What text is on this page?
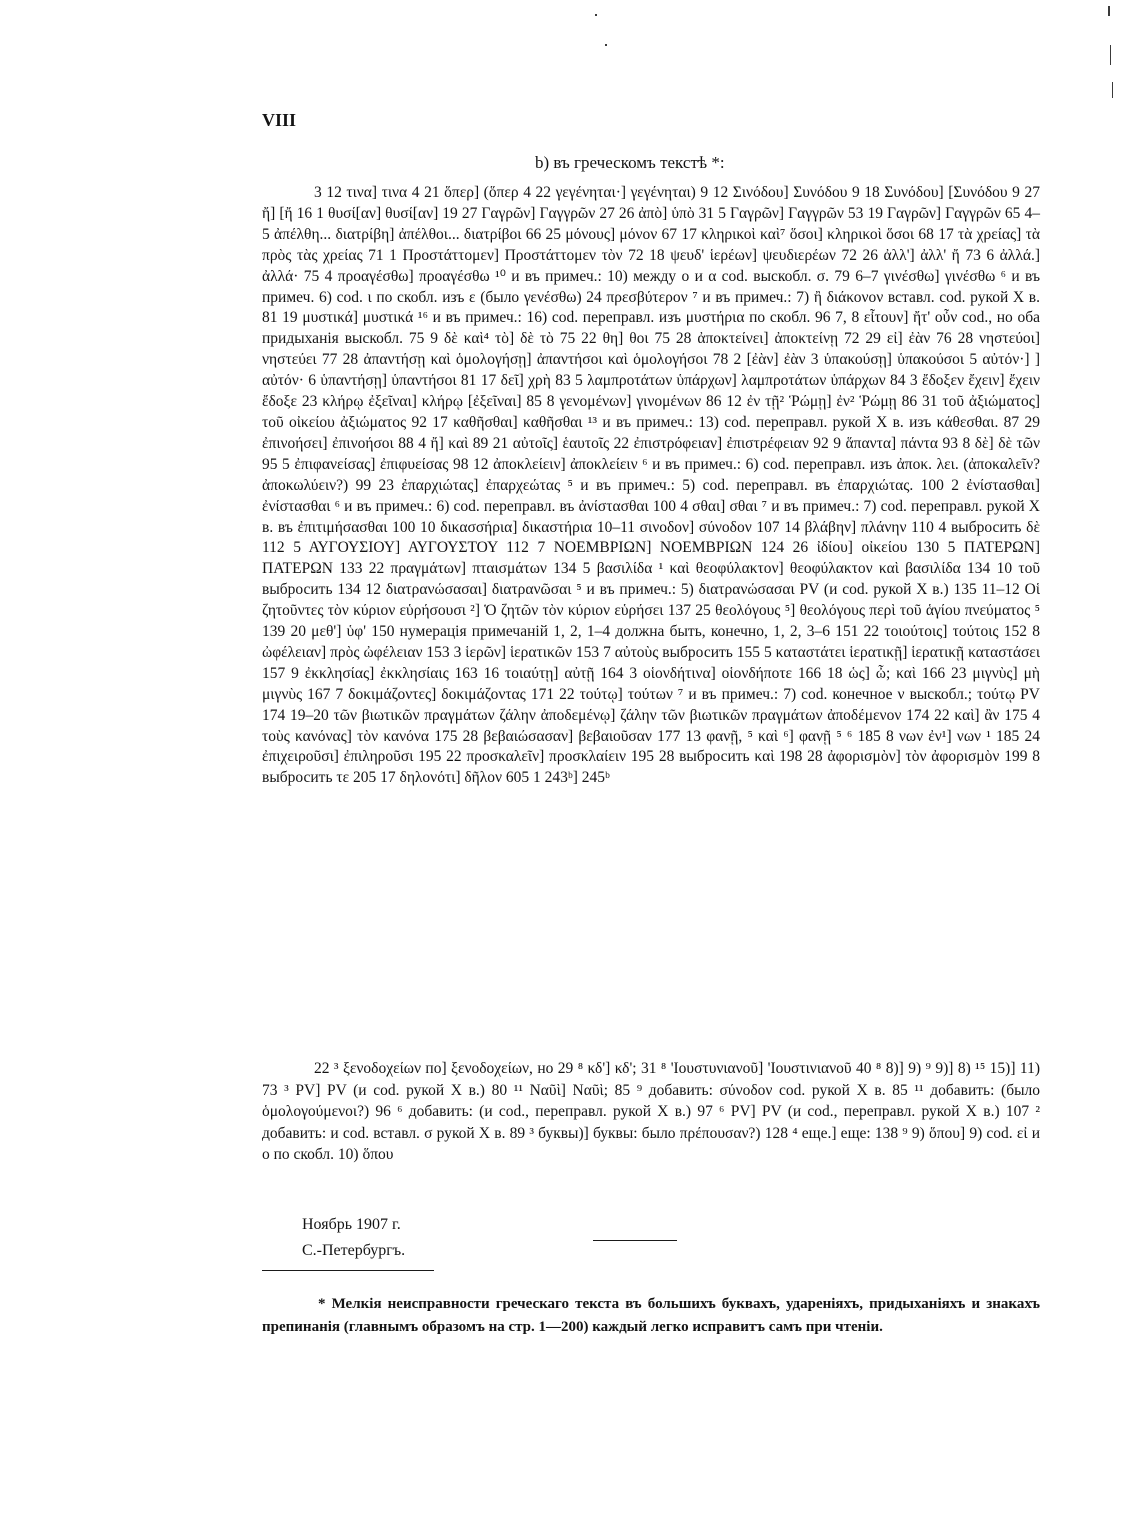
VIII
b) въ греческомъ текстѣ *:

3 12 τινα] τινα 4 21 ὅπερ] (ὅπερ 4 22 γεγένηται·] γεγένηται) 9 12 Σινόδου] Συνόδου 9 18 Συνόδου] [Συνόδου 9 27 ἤ] [ἤ 16 1 θυσί[αν] θυσί[αν] 19 27 Γαγρῶν] Γαγγρῶν 27 26 ἀπὸ] ὑπὸ 31 5 Γαγρῶν] Γαγγρῶν 53 19 Γαγρῶν] Γαγγρῶν 65 4–5 ἀπέλθη... διατρίβη] ἀπέλθοι... διατρίβοι 66 25 μόνους] μόνον 67 17 κληρικοὶ καὶ⁷ ὅσοι] κληρικοὶ ὅσοι 68 17 τὰ χρείας] τὰ πρὸς τὰς χρείας 71 1 Προστάττομεν] Προστάττομεν τὸν 72 18 ψευδ' ἱερέων] ψευδιερέων 72 26 ἀλλ'] ἀλλ' ἤ 73 6 ἀλλά.] ἀλλά· 75 4 προαγέσθω] προαγέσθω ¹⁰ и въ примеч.: 10) между ο и α cod. выскобл. σ. 79 6–7 γινέσθω] γινέσθω ⁶ и въ примеч. 6) cod. ι по скобл. изъ ε (было γενέσθω) 24 πρεσβύτερον ⁷ и въ примеч.: 7) ἢ διάκονον вставл. cod. рукой X в. 81 19 μυστικά] μυστικά ¹⁶ и въ примеч.: 16) cod. переправл. изъ μυστήρια по скобл. 96 7, 8 εἶτουν] ἤτ' οὖν cod., но оба придыханія выскобл. 75 9 δὲ καὶ⁴ τὸ] δὲ τὸ 75 22 θη] θοι 75 28 ἀποκτείνει] ἀποκτείνῃ 72 29 εἰ] ἐὰν 76 28 νηστεύοι] νηστεύει 77 28 ἀπαντήσῃ καὶ ὁμολογήσῃ] ἀπαντήσοι καὶ ὁμολογήσοι 78 2 [ἐὰν] ἐὰν 3 ὑπακούσῃ] ὑπακούσοι 5 αὐτόν·] ] αὐτόν· 6 ὑπαντήσῃ] ὑπαντήσοι 81 17 δεῖ] χρὴ 83 5 λαμπροτάτων ὑπάρχων] λαμπροτάτων ὑπάρχων 84 3 ἔδοξεν ἔχειν] ἔχειν ἔδοξε 23 κλήρῳ ἐξεῖναι] κλήρῳ [ἐξεῖναι] 85 8 γενομένων] γινομένων 86 12 ἐν τῇ² Ῥώμῃ] ἐν² Ῥώμῃ 86 31 τοῦ ἀξιώματος] τοῦ οἰκείου ἀξιώματος 92 17 καθῆσθαι] καθῆσθαι ¹³ и въ примеч.: 13) cod. переправл. рукой X в. изъ κάθεσθαι. 87 29 ἐπινοήσει] ἐπινοήσοι 88 4 ἤ] καὶ 89 21 αὐτοῖς] ἑαυτοῖς 22 ἐπιστρόφειαν] ἐπιστρέφειαν 92 9 ἅπαντα] πάντα 93 8 δὲ] δὲ τῶν 95 5 ἐπιφανείσας] ἐπιφυείσας 98 12 ἀποκλείειν] ἀποκλείειν ⁶ и въ примеч.: 6) cod. переправл. изъ ἀποκ. λει. (ἀποκαλεῖν? ἀποκωλύειν?) 99 23 ἐπαρχιώτας] ἐπαρχεώτας ⁵ и въ примеч.: 5) cod. переправл. въ ἐπαρχιώτας. 100 2 ἐνίστασθαι] ἐνίστασθαι ⁶ и въ примеч.: 6) cod. переправл. въ ἀνίστασθαι 100 4 σθαι] σθαι ⁷ и въ примеч.: 7) cod. переправл. рукой X в. въ ἐπιτιμήσασθαι 100 10 δικασσήρια] δικαστήρια 10–11 σινοδον] σύνοδον 107 14 βλάβην] πλάνην 110 4 выбросить δὲ 112 5 ΑΥΓΟΥΣΙΟΥ] ΑΥΓΟΥΣΤΟΥ 112 7 ΝΟΕΜΒΡΙΩΝ] ΝΟΕΜΒΡΙΩΝ 124 26 ἰδίου] οἰκείου 130 5 ΠΑΤΕΡΩΝ] ΠΑΤΕΡΩΝ 133 22 πραγμάτων] πταισμάτων 134 5 βασιλίδα ¹ καὶ θεοφύλακτον] θεοφύλακτον καὶ βασιλίδα 134 10 τοῦ выбросить 134 12 διατρανώσασαι] διατρανῶσαι ⁵ и въ примеч.: 5) διατρανώσασαι PV (и cod. рукой X в.) 135 11–12 Οἱ ζητοῦντες τὸν κύριον εὑρήσουσι ²] Ὁ ζητῶν τὸν κύριον εὑρήσει 137 25 θεολόγους ⁵] θεολόγους περὶ τοῦ ἁγίου πνεύματος ⁵ 139 20 μεθ'] ὑφ' 150 нумерація примечаній 1, 2, 1–4 должна быть, конечно, 1, 2, 3–6 151 22 τοιούτοις] τούτοις 152 8 ὠφέλειαν] πρὸς ὠφέλειαν 153 3 ἱερῶν] ἱερατικῶν 153 7 αὐτοὺς выбросить 155 5 καταστάτει ἱερατικῇ] ἱερατικῇ καταστάσει 157 9 ἐκκλησίας] ἐκκλησίαις 163 16 τοιαύτῃ] αὐτῇ 164 3 οἱονδήτινα] οἱονδήποτε 166 18 ὡς] ὦ; καὶ 166 23 μιγνὺς] μὴ μιγνὺς 167 7 δοκιμάζοντες] δοκιμάζοντας 171 22 τούτῳ] τούτων ⁷ и въ примеч.: 7) cod. конечное ν выскобл.; τούτῳ PV 174 19–20 τῶν βιωτικῶν πραγμάτων ζάλην ἀποδεμένῳ] ζάλην τῶν βιωτικῶν πραγμάτων ἀποδέμενον 174 22 καὶ] ἂν 175 4 τοὺς κανόνας] τὸν κανόνα 175 28 βεβαιώσασαν] βεβαιοῦσαν 177 13 φανῇ, ⁵ καὶ ⁶] φανῇ ⁵ ⁶ 185 8 νων ἐν¹] νων ¹ 185 24 ἐπιχειροῦσι] ἐπιληροῦσι 195 22 προσκαλεῖν] προσκλαίειν 195 28 выбросить καὶ 198 28 ἀφορισμὸν] τὸν ἀφορισμὸν 199 8 выбросить τε 205 17 δηλονότι] δῆλον 605 1 243ᵇ] 245ᵇ

22 ³ ξενοδοχείων по] ξενοδοχείων, но 29 ⁸ κδ'] κδ'; 31 ⁸ 'Ιουστυνιανοῦ] 'Ιουστινιανοῦ 40 ⁸ 8)] 9) ⁹ 9)] 8) ¹⁵ 15)] 11) 73 ³ PV] PV (и cod. рукой X в.) 80 ¹¹ Ναῦὶ] Ναῦὶ; 85 ⁹ добавить: σύνοδον cod. рукой X в. 85 ¹¹ добавить: (было ὁμολογούμενοι?) 96 ⁶ добавить: (и cod., переправл. рукой X в.) 97 ⁶ PV] PV (и cod., переправл. рукой X в.) 107 ² добавить: и cod. вставл. σ рукой X в. 89 ³ буквы)] буквы: было πρέπουσαν?) 128 ⁴ еще.] еще: 138 ⁹ 9) ὅπου] 9) cod. εἰ и ο по скобл. 10) ὅπου

Ноябрь 1907 г.
С.-Петербургъ.

* Мелкія неисправности греческаго текста въ большихъ буквахъ, удареніяхъ, придыханіяхъ и знакахъ препинанія (главнымъ образомъ на стр. 1—200) каждый легко исправитъ самъ при чтеніи.
